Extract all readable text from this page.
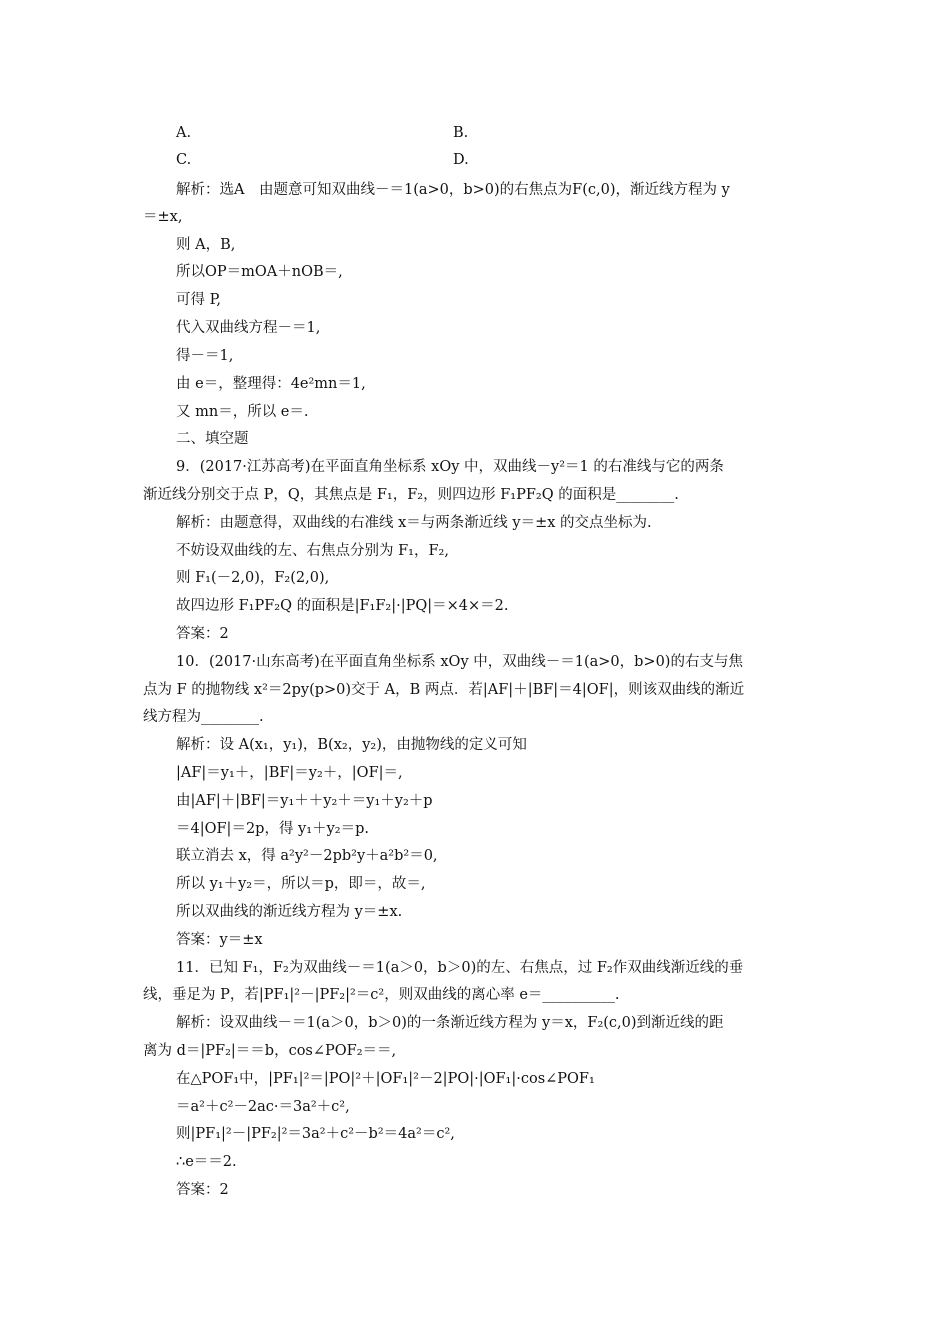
A.	B.
C.	D.
解析：选A　由题意可知双曲线－＝1(a>0，b>0)的右焦点为F(c,0)，渐近线方程为 y
＝±x,
则 A，B,
所以OP＝mOA＋nOB＝,
可得 P,
代入双曲线方程－＝1,
得－＝1,
由 e＝，整理得：4e²mn＝1,
又 mn＝，所以 e＝.
二、填空题
9．(2017·江苏高考)在平面直角坐标系 xOy 中，双曲线－y²＝1 的右准线与它的两条
渐近线分别交于点 P，Q，其焦点是 F₁，F₂，则四边形 F₁PF₂Q 的面积是________.
解析：由题意得，双曲线的右准线 x＝与两条渐近线 y＝±x 的交点坐标为.
不妨设双曲线的左、右焦点分别为 F₁，F₂,
则 F₁(－2,0)，F₂(2,0),
故四边形 F₁PF₂Q 的面积是|F₁F₂|·|PQ|＝×4×＝2.
答案：2
10．(2017·山东高考)在平面直角坐标系 xOy 中，双曲线－＝1(a>0，b>0)的右支与焦
点为 F 的抛物线 x²＝2py(p>0)交于 A，B 两点．若|AF|＋|BF|＝4|OF|，则该双曲线的渐近
线方程为________.
解析：设 A(x₁，y₁)，B(x₂，y₂)，由抛物线的定义可知
|AF|＝y₁＋，|BF|＝y₂＋，|OF|＝,
由|AF|＋|BF|＝y₁＋＋y₂＋＝y₁＋y₂＋p
＝4|OF|＝2p，得 y₁＋y₂＝p.
联立消去 x，得 a²y²－2pb²y＋a²b²＝0,
所以 y₁＋y₂＝，所以＝p，即＝，故＝,
所以双曲线的渐近线方程为 y＝±x.
答案：y＝±x
11．已知 F₁，F₂为双曲线－＝1(a＞0，b＞0)的左、右焦点，过 F₂作双曲线渐近线的垂
线，垂足为 P，若|PF₁|²－|PF₂|²＝c²，则双曲线的离心率 e＝__________.
解析：设双曲线－＝1(a＞0，b＞0)的一条渐近线方程为 y＝x，F₂(c,0)到渐近线的距
离为 d＝|PF₂|＝＝b，cos∠POF₂＝＝,
在△POF₁中，|PF₁|²＝|PO|²＋|OF₁|²－2|PO|·|OF₁|·cos∠POF₁
＝a²＋c²－2ac·＝3a²＋c²,
则|PF₁|²－|PF₂|²＝3a²＋c²－b²＝4a²＝c²,
∴e＝＝2.
答案：2
